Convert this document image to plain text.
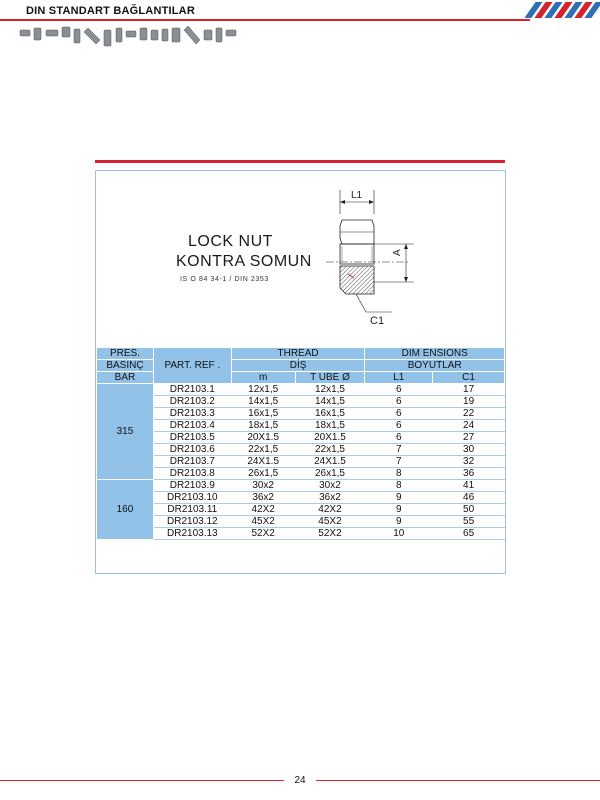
DIN STANDART BAĞLANTILAR
LOCK NUT
KONTRA SOMUN
IS O 84 34-1 / DIN 2353
L1
A
C1
PRES.	PART. REF .	THREAD		DIM ENSIONS	
BASINÇ		DİŞ		BOYUTLAR	
BAR		m	T UBE Ø	L1	C1
315	DR2103.1	12x1,5	12x1,5	6	17
	DR2103.2	14x1,5	14x1,5	6	19
	DR2103.3	16x1,5	16x1,5	6	22
	DR2103.4	18x1,5	18x1,5	6	24
	DR2103.5	20X1.5	20X1.5	6	27
	DR2103.6	22x1,5	22x1,5	7	30
	DR2103.7	24X1.5	24X1.5	7	32
	DR2103.8	26x1,5	26x1,5	8	36
160	DR2103.9	30x2	30x2	8	41
	DR2103.10	36x2	36x2	9	46
	DR2103.11	42X2	42X2	9	50
	DR2103.12	45X2	45X2	9	55
	DR2103.13	52X2	52X2	10	65
24
